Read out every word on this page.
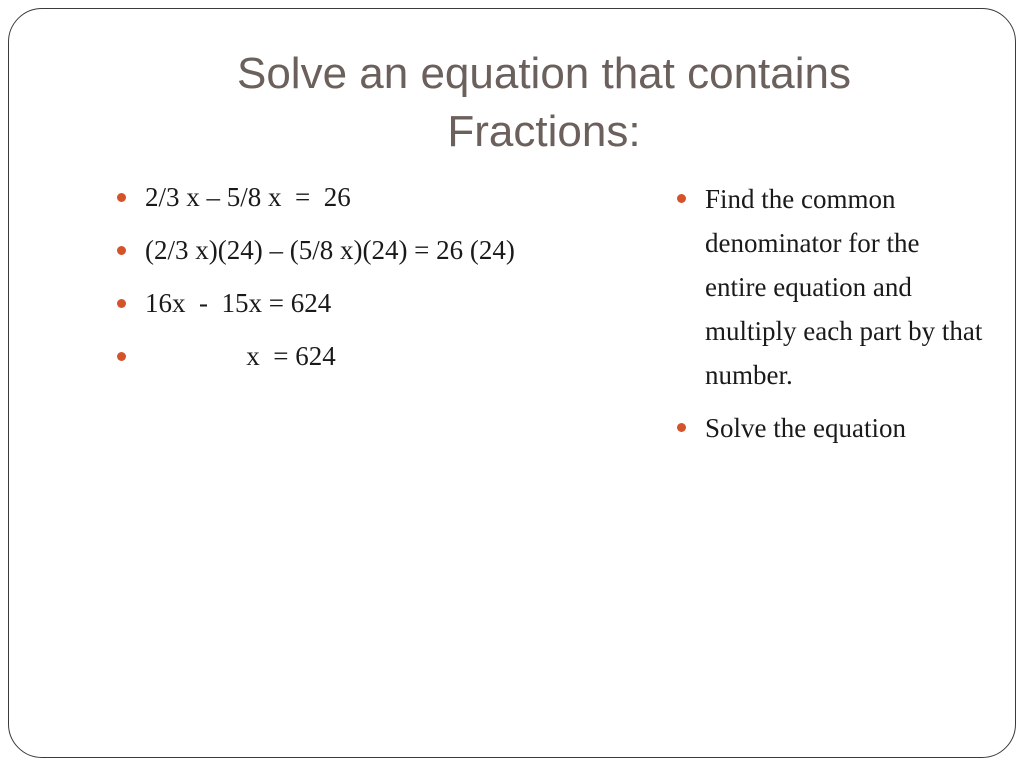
Solve an equation that contains
Fractions:
2/3 x – 5/8 x  =  26
(2/3 x)(24) – (5/8 x)(24) = 26 (24)
16x  -  15x = 624
x  = 624
Find the common denominator for the entire equation and multiply each part by that number.
Solve the equation
